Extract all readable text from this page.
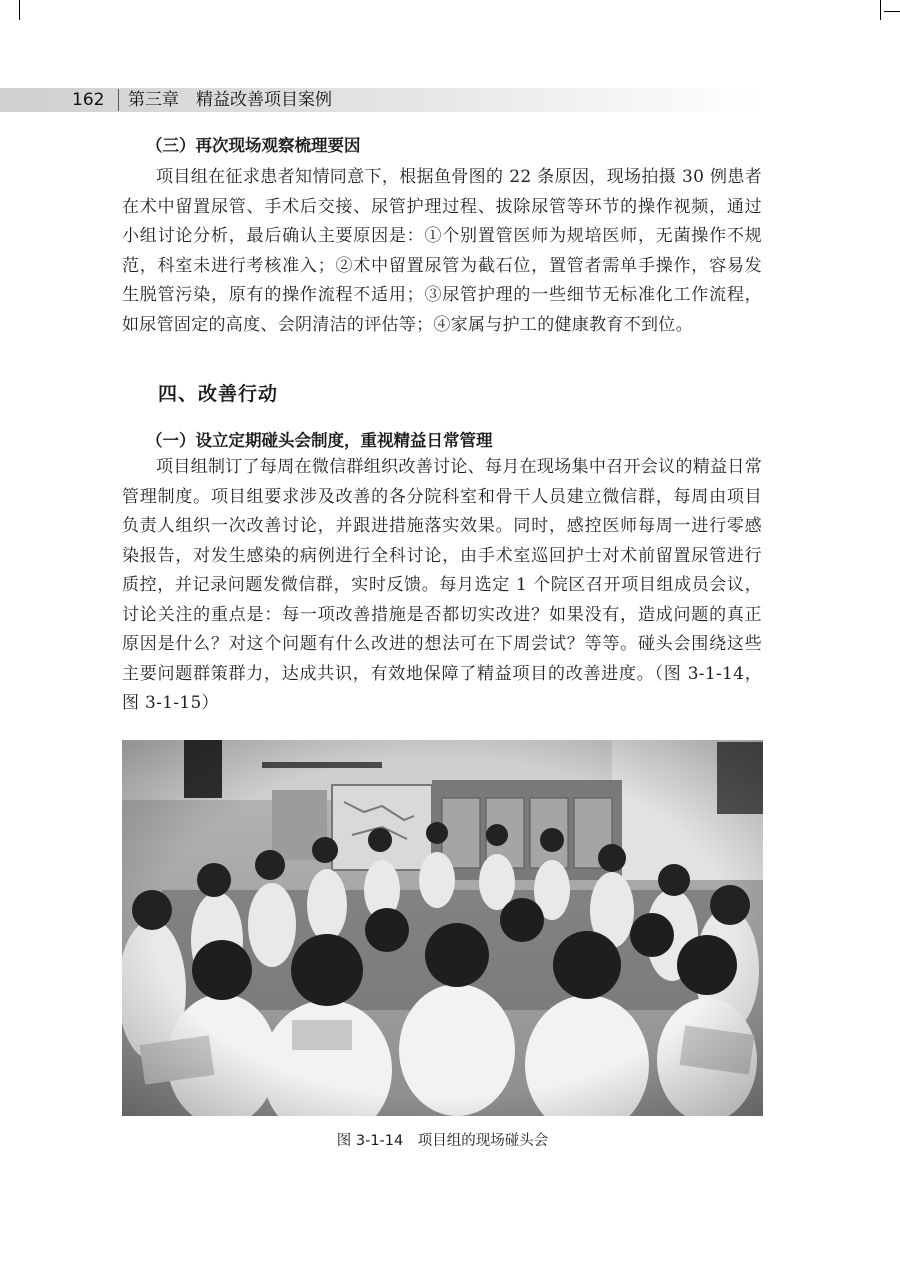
162	第三章　精益改善项目案例
（三）再次现场观察梳理要因

项目组在征求患者知情同意下，根据鱼骨图的 22 条原因，现场拍摄 30 例患者在术中留置尿管、手术后交接、尿管护理过程、拔除尿管等环节的操作视频，通过小组讨论分析，最后确认主要原因是：①个别置管医师为规培医师，无菌操作不规范，科室未进行考核准入；②术中留置尿管为截石位，置管者需单手操作，容易发生脱管污染，原有的操作流程不适用；③尿管护理的一些细节无标准化工作流程，如尿管固定的高度、会阴清洁的评估等；④家属与护工的健康教育不到位。

四、改善行动
（一）设立定期碰头会制度，重视精益日常管理

项目组制订了每周在微信群组织改善讨论、每月在现场集中召开会议的精益日常管理制度。项目组要求涉及改善的各分院科室和骨干人员建立微信群，每周由项目负责人组织一次改善讨论，并跟进措施落实效果。同时，感控医师每周一进行零感染报告，对发生感染的病例进行全科讨论，由手术室巡回护士对术前留置尿管进行质控，并记录问题发微信群，实时反馈。每月选定 1 个院区召开项目组成员会议，讨论关注的重点是：每一项改善措施是否都切实改进？如果没有，造成问题的真正原因是什么？对这个问题有什么改进的想法可在下周尝试？等等。碰头会围绕这些主要问题群策群力，达成共识，有效地保障了精益项目的改善进度。（图 3-1-14，图 3-1-15）

图 3-1-14　项目组的现场碰头会
